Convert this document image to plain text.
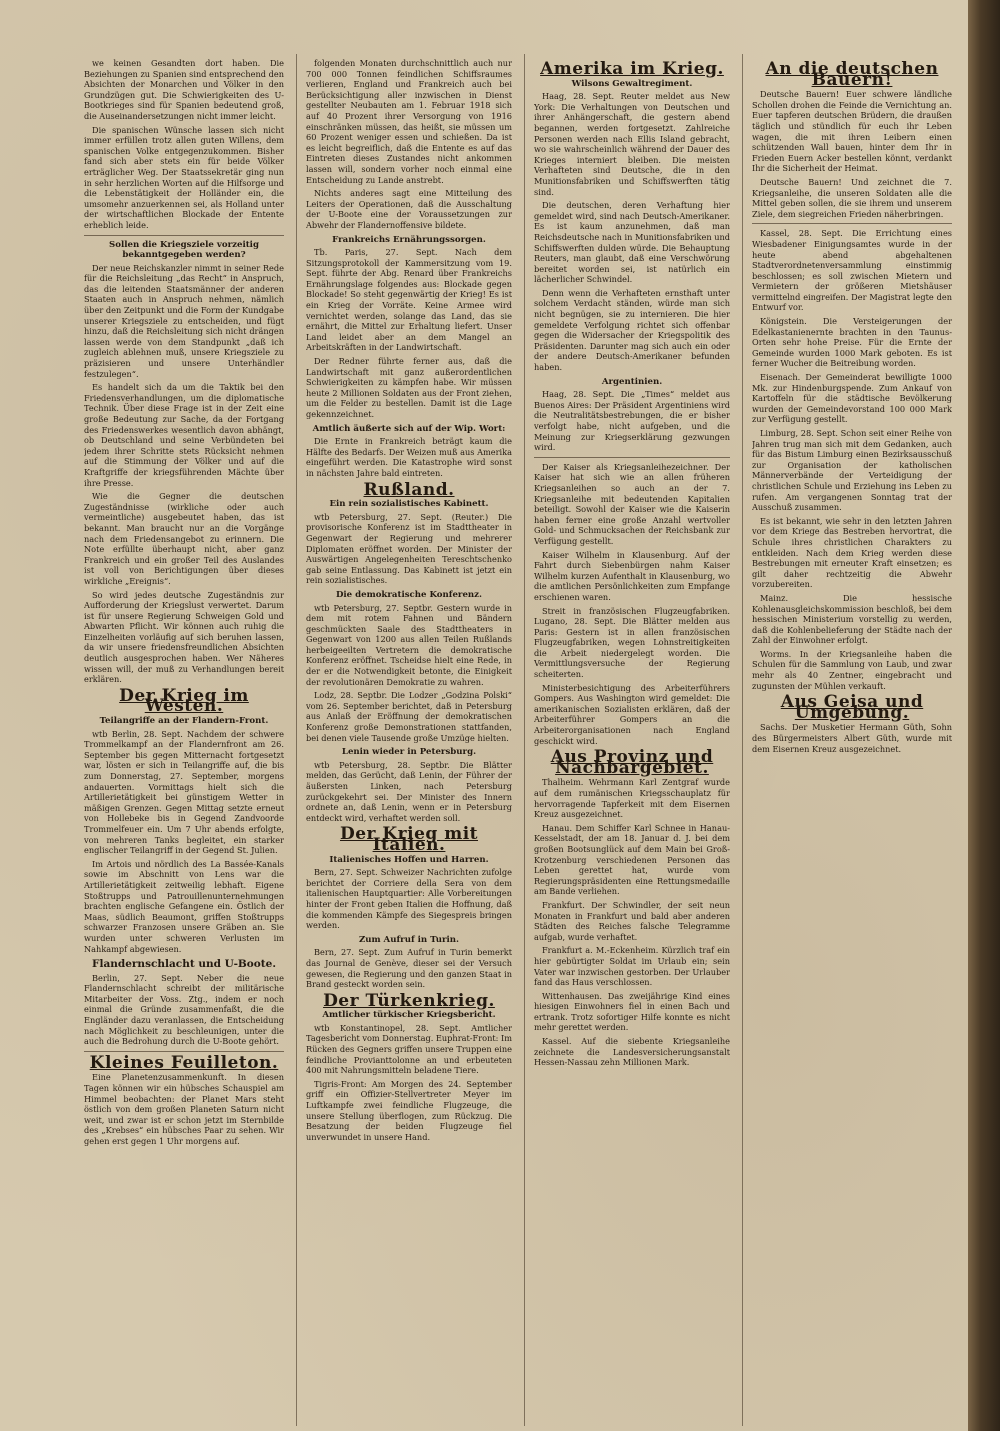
we keinen Gesandten dort haben. Die Beziehungen zu Spanien sind entsprechend den Absichten der Monarchen und Völker in den Grundzügen gut. Die Schwierigkeiten des U-Bootkrieges sind für Spanien bedeutend groß, die Auseinandersetzungen nicht immer leicht.

Die spanischen Wünsche lassen sich nicht immer erfüllen trotz allen guten Willens, dem spanischen Volke entgegenzukommen. Bisher fand sich aber stets ein für beide Völker erträglicher Weg. Der Staatssekretär ging nun in sehr herzlichen Worten auf die Hilfsorge und die Lebenstätigkeit der Holländer ein, die umsomehr anzuerkennen sei, als Holland unter der wirtschaftlichen Blockade der Entente erheblich leide.

Sollen die Kriegsziele vorzeitig bekanntgegeben werden?

Der neue Reichskanzler nimmt in seiner Rede für die Reichsleitung „das Recht“ in Anspruch, das die leitenden Staatsmänner der anderen Staaten auch in Anspruch nehmen, nämlich über den Zeitpunkt und die Form der Kundgabe unserer Kriegsziele zu entscheiden, und fügt hinzu, daß die Reichsleitung sich nicht drängen lassen werde von dem Standpunkt „daß ich zugleich ablehnen muß, unsere Kriegsziele zu präzisieren und unsere Unterhändler festzulegen“.

Es handelt sich da um die Taktik bei den Friedensverhandlungen, um die diplomatische Technik. Über diese Frage ist in der Zeit eine große Bedeutung zur Sache, da der Fortgang des Friedenswerkes wesentlich davon abhängt, ob Deutschland und seine Verbündeten bei jedem ihrer Schritte stets Rücksicht nehmen auf die Stimmung der Völker und auf die Kraftgriffe der kriegsführenden Mächte über ihre Presse.

Wie die Gegner die deutschen Zugeständnisse (wirkliche oder auch vermeintliche) ausgebeutet haben, das ist bekannt. Man braucht nur an die Vorgänge nach dem Friedensangebot zu erinnern. Die Note erfüllte überhaupt nicht, aber ganz Frankreich und ein großer Teil des Auslandes ist voll von Berichtigungen über dieses wirkliche „Ereignis“.

So wird jedes deutsche Zugeständnis zur Aufforderung der Kriegslust verwertet. Darum ist für unsere Regierung Schweigen Gold und Abwarten Pflicht. Wir können auch ruhig die Einzelheiten vorläufig auf sich beruhen lassen, da wir unsere friedensfreundlichen Absichten deutlich ausgesprochen haben. Wer Näheres wissen will, der muß zu Verhandlungen bereit erklären.

Der Krieg im Westen.
Teilangriffe an der Flandern-Front.

wtb Berlin, 28. Sept. Nachdem der schwere Trommelkampf an der Flandernfront am 26. September bis gegen Mitternacht fortgesetzt war, lösten er sich in Teilangriffe auf, die bis zum Donnerstag, 27. September, morgens andauerten. Vormittags hielt sich die Artillerietätigkeit bei günstigem Wetter in mäßigen Grenzen. Gegen Mittag setzte erneut von Hollebeke bis in Gegend Zandvoorde Trommelfeuer ein. Um 7 Uhr abends erfolgte, von mehreren Tanks begleitet, ein starker englischer Teilangriff in der Gegend St. Julien.

Im Artois und nördlich des La Bassée-Kanals sowie im Abschnitt von Lens war die Artillerietätigkeit zeitweilig lebhaft. Eigene Stoßtrupps und Patrouillenunternehmungen brachten englische Gefangene ein. Östlich der Maas, südlich Beaumont, griffen Stoßtrupps schwarzer Franzosen unsere Gräben an. Sie wurden unter schweren Verlusten im Nahkampf abgewiesen.

Flandernschlacht und U-Boote.

Berlin, 27. Sept. Neber die neue Flandernschlacht schreibt der militärische Mitarbeiter der Voss. Ztg., indem er noch einmal die Gründe zusammenfaßt, die die Engländer dazu veranlassen, die Entscheidung nach Möglichkeit zu beschleunigen, unter die auch die Bedrohung durch die U-Boote gehört.

Kleines Feuilleton.

Eine Planetenzusammenkunft. In diesen Tagen können wir ein hübsches Schauspiel am Himmel beobachten: der Planet Mars steht östlich von dem großen Planeten Saturn nicht weit, und zwar ist er schon jetzt im Sternbilde des „Krebses“ ein hübsches Paar zu sehen. Wir gehen erst gegen 1 Uhr morgens auf.

folgenden Monaten durchschnittlich auch nur 700 000 Tonnen feindlichen Schiffsraumes verlieren, England und Frankreich auch bei Berücksichtigung aller inzwischen in Dienst gestellter Neubauten am 1. Februar 1918 sich auf 40 Prozent ihrer Versorgung von 1916 einschränken müssen, das heißt, sie müssen um 60 Prozent weniger essen und schießen. Da ist es leicht begreiflich, daß die Entente es auf das Eintreten dieses Zustandes nicht ankommen lassen will, sondern vorher noch einmal eine Entscheidung zu Lande anstrebt.

Nichts anderes sagt eine Mitteilung des Leiters der Operationen, daß die Ausschaltung der U-Boote eine der Voraussetzungen zur Abwehr der Flandernoffensive bildete.

Frankreichs Ernährungssorgen.

Tb. Paris, 27. Sept. Nach dem Sitzungsprotokoll der Kammersitzung vom 19. Sept. führte der Abg. Renard über Frankreichs Ernährungslage folgendes aus: Blockade gegen Blockade! So steht gegenwärtig der Krieg! Es ist ein Krieg der Vorräte. Keine Armee wird vernichtet werden, solange das Land, das sie ernährt, die Mittel zur Erhaltung liefert. Unser Land leidet aber an dem Mangel an Arbeitskräften in der Landwirtschaft.

Der Redner führte ferner aus, daß die Landwirtschaft mit ganz außerordentlichen Schwierigkeiten zu kämpfen habe. Wir müssen heute 2 Millionen Soldaten aus der Front ziehen, um die Felder zu bestellen. Damit ist die Lage gekennzeichnet.

Amtlich äußerte sich auf der Wip. Wort:

Die Ernte in Frankreich beträgt kaum die Hälfte des Bedarfs. Der Weizen muß aus Amerika eingeführt werden. Die Katastrophe wird sonst in nächsten Jahre bald eintreten.

Rußland.
Ein rein sozialistisches Kabinett.

wtb Petersburg, 27. Sept. (Reuter.) Die provisorische Konferenz ist im Stadttheater in Gegenwart der Regierung und mehrerer Diplomaten eröffnet worden. Der Minister der Auswärtigen Angelegenheiten Tereschtschenko gab seine Entlassung. Das Kabinett ist jetzt ein rein sozialistisches.

Die demokratische Konferenz.

wtb Petersburg, 27. Septbr. Gestern wurde in dem mit rotem Fahnen und Bändern geschmückten Saale des Stadttheaters in Gegenwart von 1200 aus allen Teilen Rußlands herbeigeeilten Vertretern die demokratische Konferenz eröffnet. Tscheidse hielt eine Rede, in der er die Notwendigkeit betonte, die Einigkeit der revolutionären Demokratie zu wahren.

Lodz, 28. Septbr. Die Lodzer „Godzina Polski“ vom 26. September berichtet, daß in Petersburg aus Anlaß der Eröffnung der demokratischen Konferenz große Demonstrationen stattfanden, bei denen viele Tausende große Umzüge hielten.

Lenin wieder in Petersburg.

wtb Petersburg, 28. Septbr. Die Blätter melden, das Gerücht, daß Lenin, der Führer der äußersten Linken, nach Petersburg zurückgekehrt sei. Der Minister des Innern ordnete an, daß Lenin, wenn er in Petersburg entdeckt wird, verhaftet werden soll.

Der Krieg mit Italien.
Italienisches Hoffen und Harren.

Bern, 27. Sept. Schweizer Nachrichten zufolge berichtet der Corriere della Sera von dem italienischen Hauptquartier: Alle Vorbereitungen hinter der Front geben Italien die Hoffnung, daß die kommenden Kämpfe des Siegespreis bringen werden.

Zum Aufruf in Turin.

Bern, 27. Sept. Zum Aufruf in Turin bemerkt das Journal de Genève, dieser sei der Versuch gewesen, die Regierung und den ganzen Staat in Brand gesteckt worden sein.

Der Türkenkrieg.
Amtlicher türkischer Kriegsbericht.

wtb Konstantinopel, 28. Sept. Amtlicher Tagesbericht vom Donnerstag. Euphrat-Front: Im Rücken des Gegners griffen unsere Truppen eine feindliche Provianttolonne an und erbeuteten 400 mit Nahrungsmitteln beladene Tiere.

Tigris-Front: Am Morgen des 24. September griff ein Offizier-Stellvertreter Meyer im Luftkampfe zwei feindliche Flugzeuge, die unsere Stellung überflogen, zum Rückzug. Die Besatzung der beiden Flugzeuge fiel unverwundet in unsere Hand.

Amerika im Krieg.
Wilsons Gewaltregiment.

Haag, 28. Sept. Reuter meldet aus New York: Die Verhaltungen von Deutschen und ihrer Anhängerschaft, die gestern abend begannen, werden fortgesetzt. Zahlreiche Personen werden nach Ellis Island gebracht, wo sie wahrscheinlich während der Dauer des Krieges interniert bleiben. Die meisten Verhafteten sind Deutsche, die in den Munitionsfabriken und Schiffswerften tätig sind.

Die deutschen, deren Verhaftung hier gemeldet wird, sind nach Deutsch-Amerikaner. Es ist kaum anzunehmen, daß man Reichsdeutsche nach in Munitionsfabriken und Schiffswerften dulden würde. Die Behauptung Reuters, man glaubt, daß eine Verschwörung bereitet worden sei, ist natürlich ein lächerlicher Schwindel.

Denn wenn die Verhafteten ernsthaft unter solchem Verdacht ständen, würde man sich nicht begnügen, sie zu internieren. Die hier gemeldete Verfolgung richtet sich offenbar gegen die Widersacher der Kriegspolitik des Präsidenten. Darunter mag sich auch ein oder der andere Deutsch-Amerikaner befunden haben.

Argentinien.

Haag, 28. Sept. Die „Times“ meldet aus Buenos Aires: Der Präsident Argentiniens wird die Neutralitätsbestrebungen, die er bisher verfolgt habe, nicht aufgeben, und die Meinung zur Kriegserklärung gezwungen wird.

Der Kaiser als Kriegsanleihezeichner. Der Kaiser hat sich wie an allen früheren Kriegsanleihen so auch an der 7. Kriegsanleihe mit bedeutenden Kapitalien beteiligt. Sowohl der Kaiser wie die Kaiserin haben ferner eine große Anzahl wertvoller Gold- und Schmucksachen der Reichsbank zur Verfügung gestellt.

Kaiser Wilhelm in Klausenburg. Auf der Fahrt durch Siebenbürgen nahm Kaiser Wilhelm kurzen Aufenthalt in Klausenburg, wo die amtlichen Persönlichkeiten zum Empfange erschienen waren.

Streit in französischen Flugzeugfabriken. Lugano, 28. Sept. Die Blätter melden aus Paris: Gestern ist in allen französischen Flugzeugfabriken, wegen Lohnstreitigkeiten die Arbeit niedergelegt worden. Die Vermittlungsversuche der Regierung scheiterten.

Ministerbesichtigung des Arbeiterführers Gompers. Aus Washington wird gemeldet: Die amerikanischen Sozialisten erklären, daß der Arbeiterführer Gompers an die Arbeiterorganisationen nach England geschickt wird.

Aus Provinz und Nachbargebiet.

Thalheim. Wehrmann Karl Zentgraf wurde auf dem rumänischen Kriegsschauplatz für hervorragende Tapferkeit mit dem Eisernen Kreuz ausgezeichnet.

Hanau. Dem Schiffer Karl Schnee in Hanau-Kesselstadt, der am 18. Januar d. J. bei dem großen Bootsunglück auf dem Main bei Groß-Krotzenburg verschiedenen Personen das Leben gerettet hat, wurde vom Regierungspräsidenten eine Rettungsmedaille am Bande verliehen.

Frankfurt. Der Schwindler, der seit neun Monaten in Frankfurt und bald aber anderen Städten des Reiches falsche Telegramme aufgab, wurde verhaftet.

Frankfurt a. M.-Eckenheim. Kürzlich traf ein hier gebürtigter Soldat im Urlaub ein; sein Vater war inzwischen gestorben. Der Urlauber fand das Haus verschlossen.

Wittenhausen. Das zweijährige Kind eines hiesigen Einwohners fiel in einen Bach und ertrank. Trotz sofortiger Hilfe konnte es nicht mehr gerettet werden.

Kassel. Auf die siebente Kriegsanleihe zeichnete die Landesversicherungsanstalt Hessen-Nassau zehn Millionen Mark.

An die deutschen Bauern!

Deutsche Bauern! Euer schwere ländliche Schollen drohen die Feinde die Vernichtung an. Euer tapferen deutschen Brüdern, die draußen täglich und stündlich für euch ihr Leben wagen, die mit ihren Leibern einen schützenden Wall bauen, hinter dem Ihr in Frieden Euern Acker bestellen könnt, verdankt Ihr die Sicherheit der Heimat.

Deutsche Bauern! Und zeichnet die 7. Kriegsanleihe, die unseren Soldaten alle die Mittel geben sollen, die sie ihrem und unserem Ziele, dem siegreichen Frieden näherbringen.

Kassel, 28. Sept. Die Errichtung eines Wiesbadener Einigungsamtes wurde in der heute abend abgehaltenen Stadtverordnetenversammlung einstimmig beschlossen; es soll zwischen Mietern und Vermietern der größeren Mietshäuser vermittelnd eingreifen. Der Magistrat legte den Entwurf vor.

Königstein. Die Versteigerungen der Edelkastanienernte brachten in den Taunus-Orten sehr hohe Preise. Für die Ernte der Gemeinde wurden 1000 Mark geboten. Es ist ferner Wucher die Beitreibung worden.

Eisenach. Der Gemeinderat bewilligte 1000 Mk. zur Hindenburgspende. Zum Ankauf von Kartoffeln für die städtische Bevölkerung wurden der Gemeindevorstand 100 000 Mark zur Verfügung gestellt.

Limburg, 28. Sept. Schon seit einer Reihe von Jahren trug man sich mit dem Gedanken, auch für das Bistum Limburg einen Bezirksausschuß zur Organisation der katholischen Männerverbände der Verteidigung der christlichen Schule und Erziehung ins Leben zu rufen. Am vergangenen Sonntag trat der Ausschuß zusammen.

Es ist bekannt, wie sehr in den letzten Jahren vor dem Kriege das Bestreben hervortrat, die Schule ihres christlichen Charakters zu entkleiden. Nach dem Krieg werden diese Bestrebungen mit erneuter Kraft einsetzen; es gilt daher rechtzeitig die Abwehr vorzubereiten.

Mainz. Die hessische Kohlenausgleichskommission beschloß, bei dem hessischen Ministerium vorstellig zu werden, daß die Kohlenbelieferung der Städte nach der Zahl der Einwohner erfolgt.

Worms. In der Kriegsanleihe haben die Schulen für die Sammlung von Laub, und zwar mehr als 40 Zentner, eingebracht und zugunsten der Mühlen verkauft.

Aus Geisa und Umgebung.

Sachs. Der Musketier Hermann Güth, Sohn des Bürgermeisters Albert Güth, wurde mit dem Eisernen Kreuz ausgezeichnet.
